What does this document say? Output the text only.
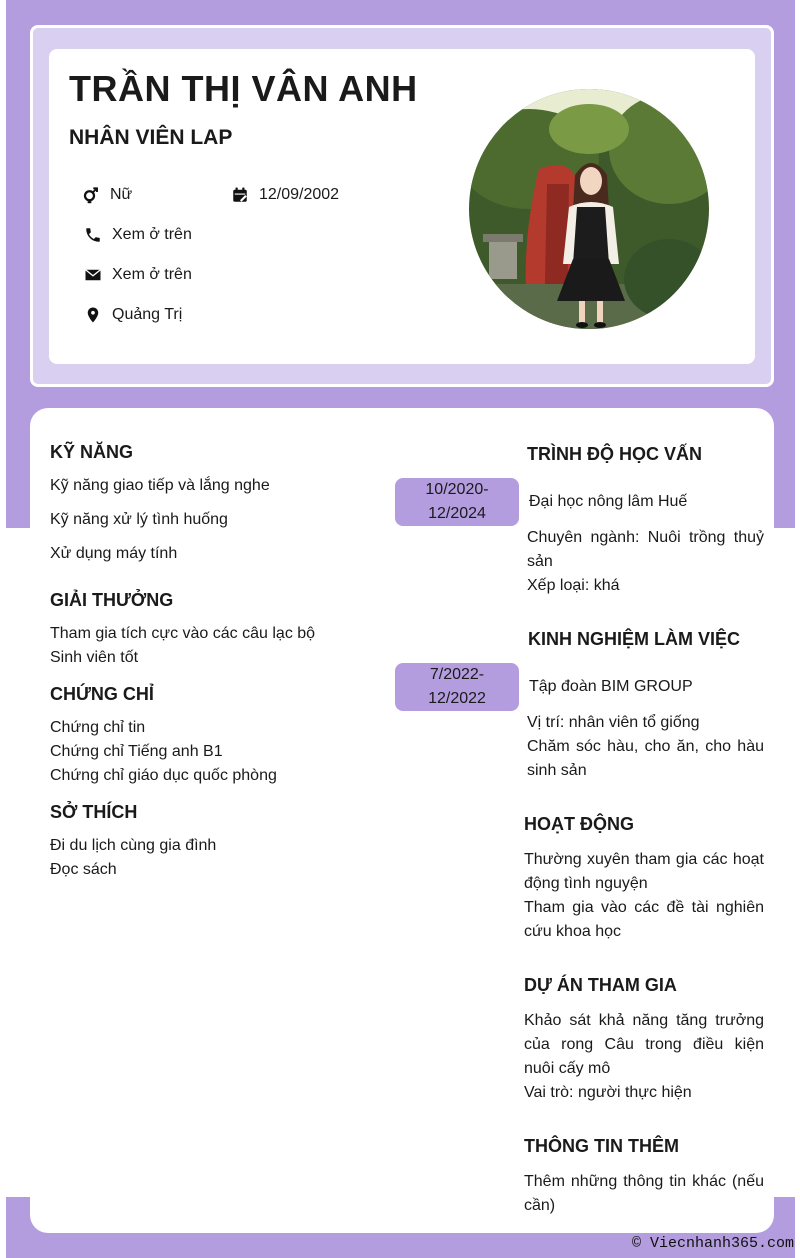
TRẦN THỊ VÂN ANH
NHÂN VIÊN LAP
Nữ	12/09/2002
Xem ở trên
Xem ở trên
Quảng Trị
KỸ NĂNG
Kỹ năng giao tiếp và lắng nghe
Kỹ năng xử lý tình huống
Xử dụng máy tính
GIẢI THƯỞNG
Tham gia tích cực vào các câu lạc bộ
Sinh viên tốt
CHỨNG CHỈ
Chứng chỉ tin
Chứng chỉ Tiếng anh B1
Chứng chỉ giáo dục quốc phòng
SỞ THÍCH
Đi du lịch cùng gia đình
Đọc sách
10/2020-
12/2024
7/2022-
12/2022
TRÌNH ĐỘ HỌC VẤN
Đại học nông lâm Huế
Chuyên ngành: Nuôi trồng thuỷ sản
Xếp loại: khá
KINH NGHIỆM LÀM VIỆC
Tập đoàn BIM GROUP
Vị trí: nhân viên tổ giống
Chăm sóc hàu, cho ăn, cho hàu sinh sản
HOẠT ĐỘNG
Thường xuyên tham gia các hoạt động tình nguyện
Tham gia vào các đề tài nghiên cứu khoa học
DỰ ÁN THAM GIA
Khảo sát khả năng tăng trưởng của rong Câu trong điều kiện nuôi cấy mô
Vai trò: người thực hiện
THÔNG TIN THÊM
Thêm những thông tin khác (nếu cần)
© Viecnhanh365.com
